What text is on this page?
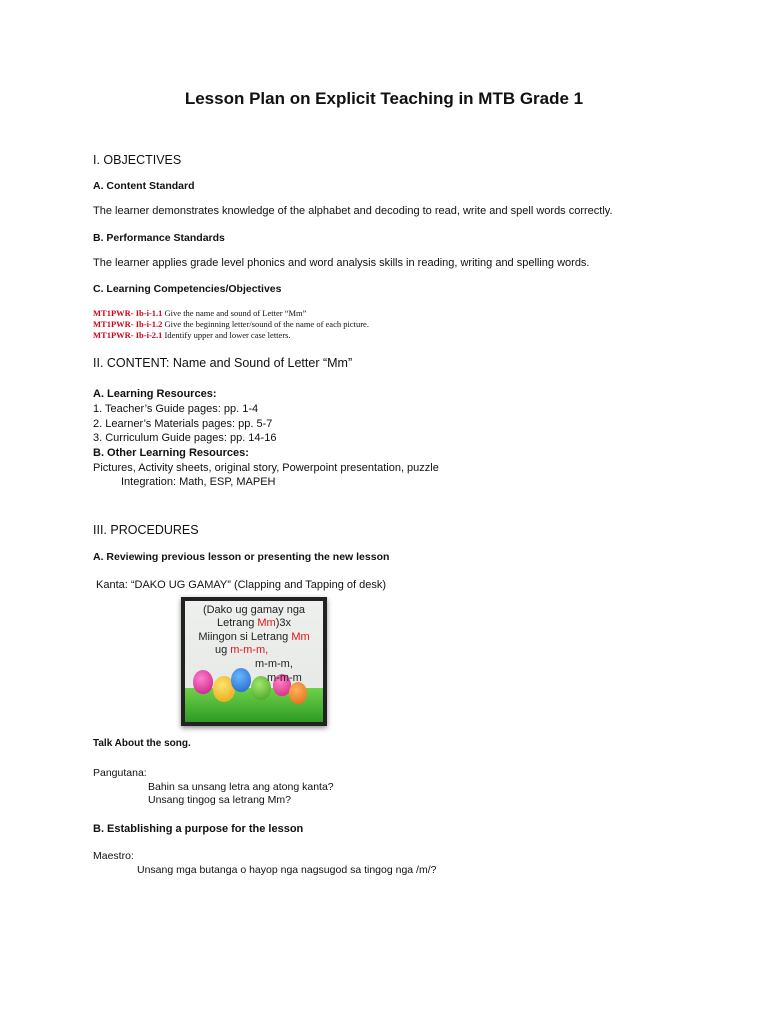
Lesson Plan on Explicit Teaching in MTB Grade 1
I. OBJECTIVES
A. Content Standard
The learner demonstrates knowledge of the alphabet and decoding to read, write and spell words correctly.
B. Performance Standards
The learner applies grade level phonics and word analysis skills in reading, writing and spelling words.
C. Learning Competencies/Objectives
MT1PWR- Ib-i-1.1 Give the name and sound of Letter “Mm”
MT1PWR- Ib-i-1.2 Give the beginning letter/sound of the name of each picture.
MT1PWR- Ib-i-2.1 Identify upper and lower case letters.
II. CONTENT: Name and Sound of Letter “Mm”
A. Learning Resources:
1. Teacher’s Guide pages: pp. 1-4
2. Learner’s Materials pages: pp. 5-7
3. Curriculum Guide pages: pp. 14-16
B. Other Learning Resources:
Pictures, Activity sheets, original story, Powerpoint presentation, puzzle
Integration: Math, ESP, MAPEH
III. PROCEDURES
A. Reviewing previous lesson or presenting the new lesson
Kanta: “DAKO UG GAMAY” (Clapping and Tapping of desk)
(Dako ug gamay nga
Letrang Mm)3x
Miingon si Letrang Mm
ug m-m-m,
m-m-m,
m-m-m
Talk About the song.
Pangutana:
Bahin sa unsang letra ang atong kanta?
Unsang tingog sa letrang Mm?
B. Establishing a purpose for the lesson
Maestro:
Unsang mga butanga o hayop nga nagsugod sa tingog nga /m/?
